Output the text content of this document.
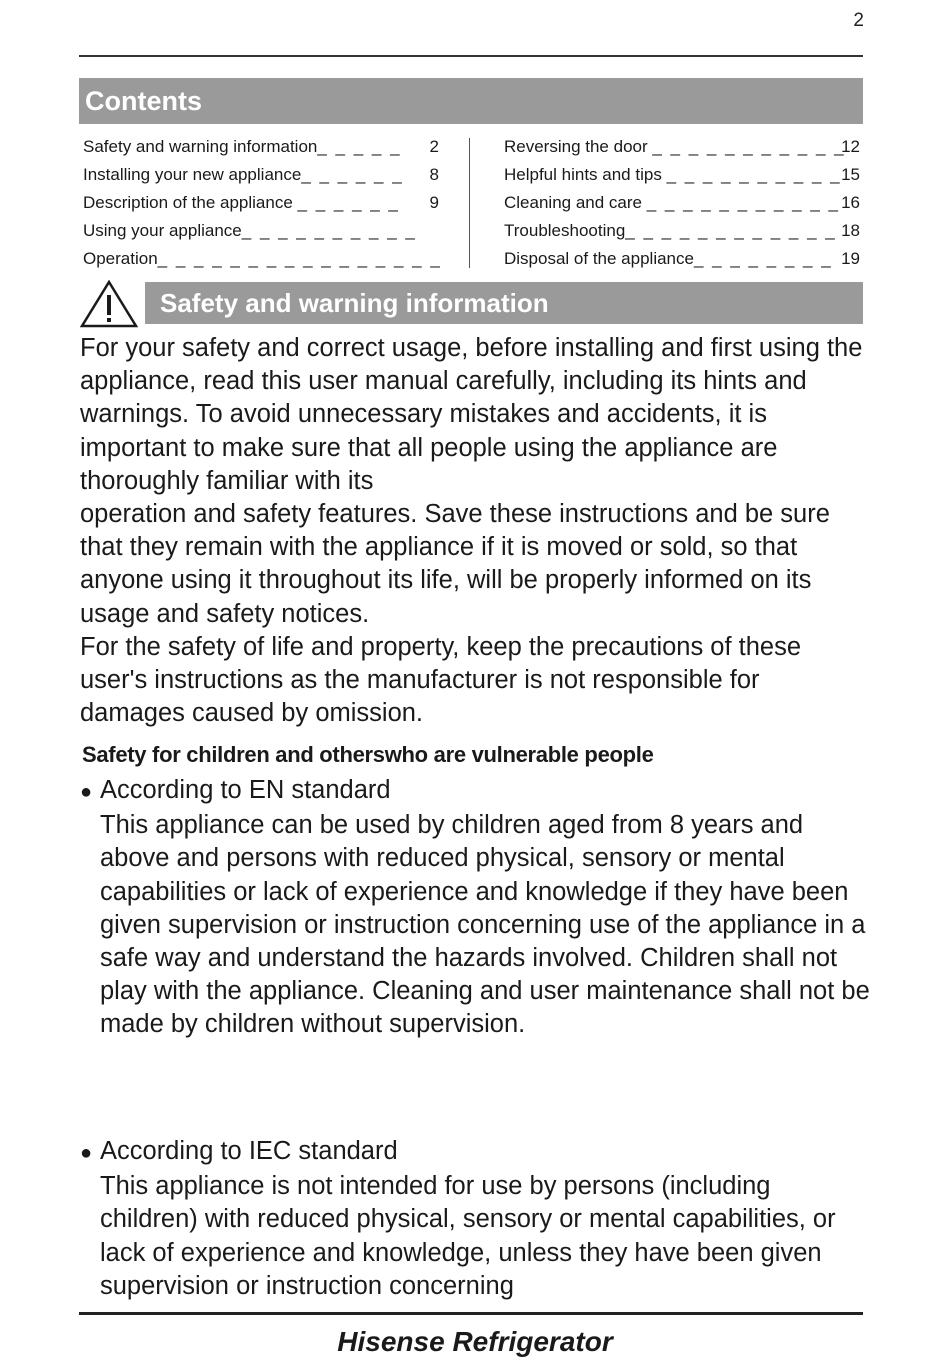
2
Contents
Safety and warning information_ _ _ _ _ 2
Installing your new appliance_ _ _ _ _ _ 8
Description of the appliance _ _ _ _ _ _ 9
Using your appliance_ _ _ _ _ _ _ _ _ _
Operation_ _ _ _ _ _ _ _ _ _ _ _ _ _ _ _
Reversing the door _ _ _ _ _ _ _ _ _ _ _
12
Helpful hints and tips _ _ _ _ _ _ _ _ _ _ 15
Cleaning and care _ _ _ _ _ _ _ _ _ _ _ 16
Troubleshooting_ _ _ _ _ _ _ _ _ _ _ _ 18
Disposal of the appliance_ _ _ _ _ _ _ _ 19
Safety and warning information

For your safety and correct usage, before installing and first using the appliance, read this user manual carefully, including its hints and warnings. To avoid unnecessary mistakes and accidents, it is important to make sure that all people using the appliance are thoroughly familiar with its

operation and safety features. Save these instructions and be sure that they remain with the appliance if it is moved or sold, so that anyone using it throughout its life, will be properly informed on its usage and safety notices.

For the safety of life and property, keep the precautions of these user's instructions as the manufacturer is not responsible for damages caused by omission.

Safety for children and otherswho are vulnerable people
● According to EN standard

This appliance can be used by children aged from 8 years and above and persons with reduced physical, sensory or mental capabilities or lack of experience and knowledge if they have been given supervision or instruction concerning use of the appliance in a safe way and understand the hazards involved. Children shall not play with the appliance. Cleaning and user maintenance shall not be made by children without supervision.

● According to IEC standard

This appliance is not intended for use by persons (including children) with reduced physical, sensory or mental capabilities, or lack of experience and knowledge, unless they have been given supervision or instruction concerning

Hisense Refrigerator
